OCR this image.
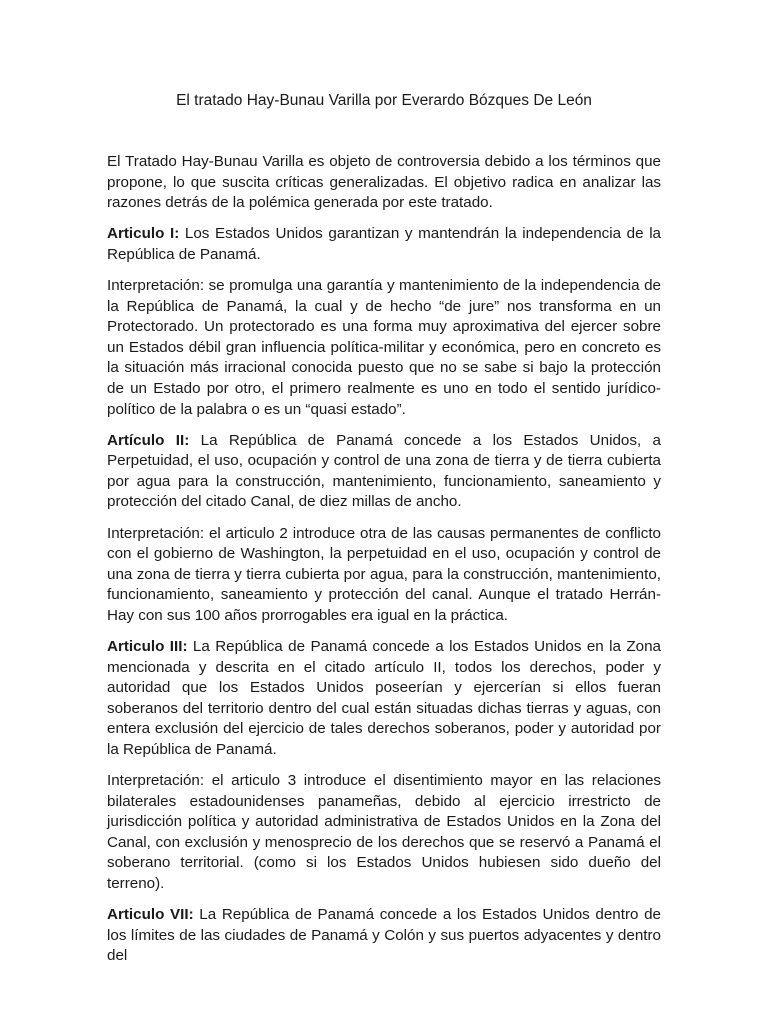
El tratado Hay-Bunau Varilla por Everardo Bózques De León

El Tratado Hay-Bunau Varilla es objeto de controversia debido a los términos que propone, lo que suscita críticas generalizadas. El objetivo radica en analizar las razones detrás de la polémica generada por este tratado.

Articulo I: Los Estados Unidos garantizan y mantendrán la independencia de la República de Panamá.

Interpretación: se promulga una garantía y mantenimiento de la independencia de la República de Panamá, la cual y de hecho “de jure” nos transforma en un Protectorado. Un protectorado es una forma muy aproximativa del ejercer sobre un Estados débil gran influencia política-militar y económica, pero en concreto es la situación más irracional conocida puesto que no se sabe si bajo la protección de un Estado por otro, el primero realmente es uno en todo el sentido jurídico-político de la palabra o es un “quasi estado”.

Artículo II: La República de Panamá concede a los Estados Unidos, a Perpetuidad, el uso, ocupación y control de una zona de tierra y de tierra cubierta por agua para la construcción, mantenimiento, funcionamiento, saneamiento y protección del citado Canal, de diez millas de ancho.

Interpretación: el articulo 2 introduce otra de las causas permanentes de conflicto con el gobierno de Washington, la perpetuidad en el uso, ocupación y control de una zona de tierra y tierra cubierta por agua, para la construcción, mantenimiento, funcionamiento, saneamiento y protección del canal. Aunque el tratado Herrán-Hay con sus 100 años prorrogables era igual en la práctica.

Articulo III: La República de Panamá concede a los Estados Unidos en la Zona mencionada y descrita en el citado artículo II, todos los derechos, poder y autoridad que los Estados Unidos poseerían y ejercerían si ellos fueran soberanos del territorio dentro del cual están situadas dichas tierras y aguas, con entera exclusión del ejercicio de tales derechos soberanos, poder y autoridad por la República de Panamá.

Interpretación: el articulo 3 introduce el disentimiento mayor en las relaciones bilaterales estadounidenses panameñas, debido al ejercicio irrestricto de jurisdicción política y autoridad administrativa de Estados Unidos en la Zona del Canal, con exclusión y menosprecio de los derechos que se reservó a Panamá el soberano territorial. (como si los Estados Unidos hubiesen sido dueño del terreno).

Articulo VII: La República de Panamá concede a los Estados Unidos dentro de los límites de las ciudades de Panamá y Colón y sus puertos adyacentes y dentro del
